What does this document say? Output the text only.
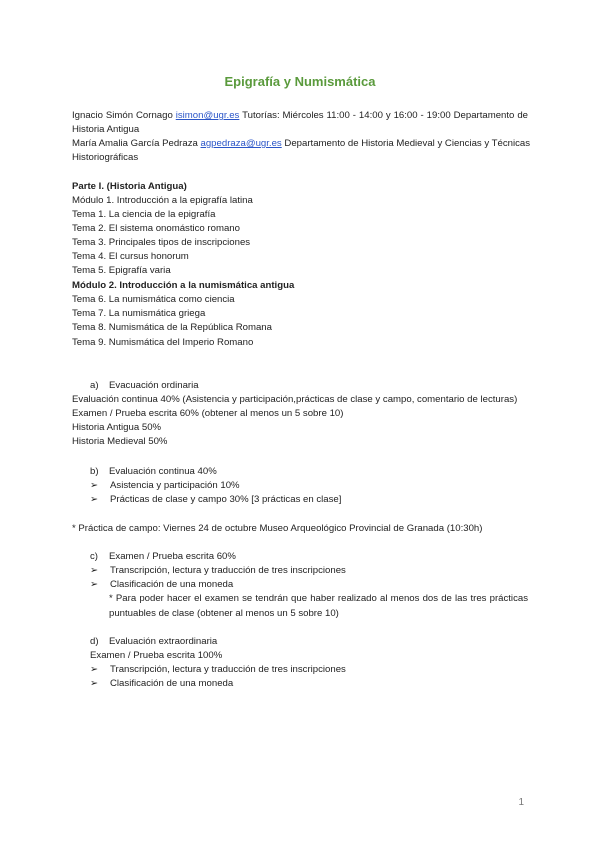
Epigrafía y Numismática
Ignacio Simón Cornago isimon@ugr.es Tutorías: Miércoles 11:00 - 14:00 y 16:00 - 19:00 Departamento de
Historia Antigua
María Amalia García Pedraza agpedraza@ugr.es Departamento de Historia Medieval y Ciencias y Técnicas
Historiográficas
Parte I. (Historia Antigua)
Módulo 1. Introducción a la epigrafía latina
Tema 1. La ciencia de la epigrafía
Tema 2. El sistema onomástico romano
Tema 3. Principales tipos de inscripciones
Tema 4. El cursus honorum
Tema 5. Epigrafía varia
Módulo 2. Introducción a la numismática antigua
Tema 6. La numismática como ciencia
Tema 7. La numismática griega
Tema 8. Numismática de la República Romana
Tema 9. Numismática del Imperio Romano
a) Evacuación ordinaria
Evaluación continua 40% (Asistencia y participación,prácticas de clase y campo, comentario de lecturas)
Examen / Prueba escrita 60% (obtener al menos un 5 sobre 10)
Historia Antigua 50%
Historia Medieval 50%
b) Evaluación continua 40%
➢ Asistencia y participación 10%
➢ Prácticas de clase y campo 30% [3 prácticas en clase]
* Práctica de campo: Viernes 24 de octubre Museo Arqueológico Provincial de Granada (10:30h)
c) Examen / Prueba escrita 60%
➢ Transcripción, lectura y traducción de tres inscripciones
➢ Clasificación de una moneda
* Para poder hacer el examen se tendrán que haber realizado al menos dos de las tres prácticas
puntuables de clase (obtener al menos un 5 sobre 10)
d) Evaluación extraordinaria
Examen / Prueba escrita 100%
➢ Transcripción, lectura y traducción de tres inscripciones
➢ Clasificación de una moneda
1
